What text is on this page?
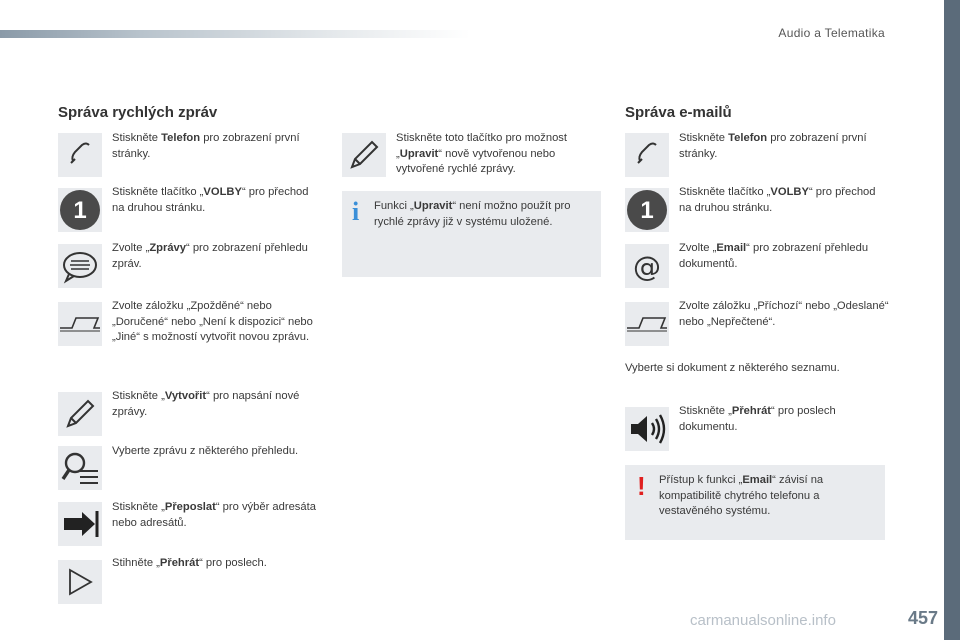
Audio a Telematika
457
carmanualsonline.info
Správa rychlých zpráv
Stiskněte Telefon pro zobrazení první stránky.
1
Stiskněte tlačítko „VOLBY“ pro přechod na druhou stránku.
Zvolte „Zprávy“ pro zobrazení přehledu zpráv.
Zvolte záložku „Zpožděné“ nebo „Doručené“ nebo „Není k dispozici“ nebo „Jiné“ s možností vytvořit novou zprávu.
Stiskněte „Vytvořit“ pro napsání nové zprávy.
Vyberte zprávu z některého přehledu.
Stiskněte „Přeposlat“ pro výběr adresáta nebo adresátů.
Stihněte „Přehrát“ pro poslech.
Stiskněte toto tlačítko pro možnost „Upravit“ nově vytvořenou nebo vytvořené rychlé zprávy.
i Funkci „Upravit“ není možno použít pro rychlé zprávy již v systému uložené.
Správa e-mailů
Stiskněte Telefon pro zobrazení první stránky.
1
Stiskněte tlačítko „VOLBY“ pro přechod na druhou stránku.
@
Zvolte „Email“ pro zobrazení přehledu dokumentů.
Zvolte záložku „Příchozí“ nebo „Odeslané“ nebo „Nepřečtené“.
Vyberte si dokument z některého seznamu.
Stiskněte „Přehrát“ pro poslech dokumentu.
! Přístup k funkci „Email“ závisí na kompatibilitě chytrého telefonu a vestavěného systému.
